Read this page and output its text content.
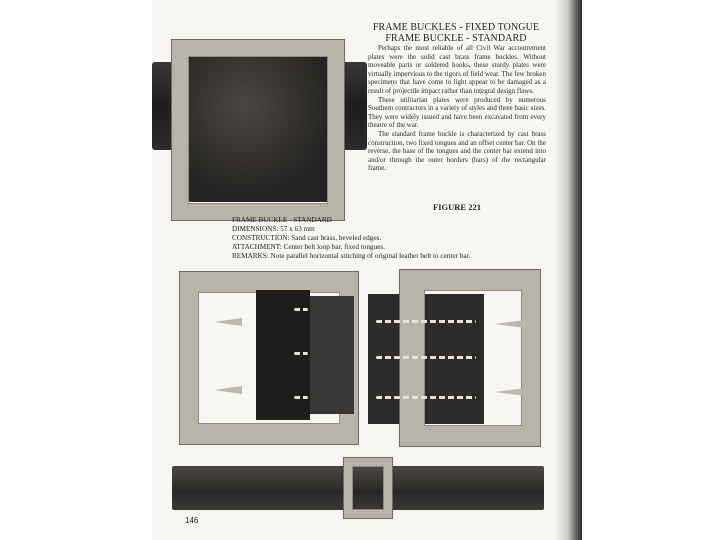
FRAME BUCKLES - FIXED TONGUE
FRAME BUCKLE - STANDARD

Perhaps the most reliable of all Civil War accoutrement plates were the solid cast brass frame buckles. Without moveable parts or soldered hooks, these sturdy plates were virtually impervious to the rigors of field wear. The few broken specimens that have come to light appear to be damaged as a result of projectile impact rather than integral design flaws.

These utilitarian plates were produced by numerous Southern contractors in a variety of styles and three basic sizes. They were widely issued and have been excavated from every theatre of the war.

The standard frame buckle is characterized by cast brass construction, two fixed tongues and an offset center bar. On the reverse, the base of the tongues and the center bar extend into and/or through the outer borders (bars) of the rectangular frame.

FIGURE 221
FRAME BUCKLE - STANDARD
DIMENSIONS: 57 x 63 mm
CONSTRUCTION: Sand cast brass, beveled edges.
ATTACHMENT: Center belt loop bar, fixed tongues.
REMARKS: Note parallel horizontal stitching of original leather belt to center bar.
146
